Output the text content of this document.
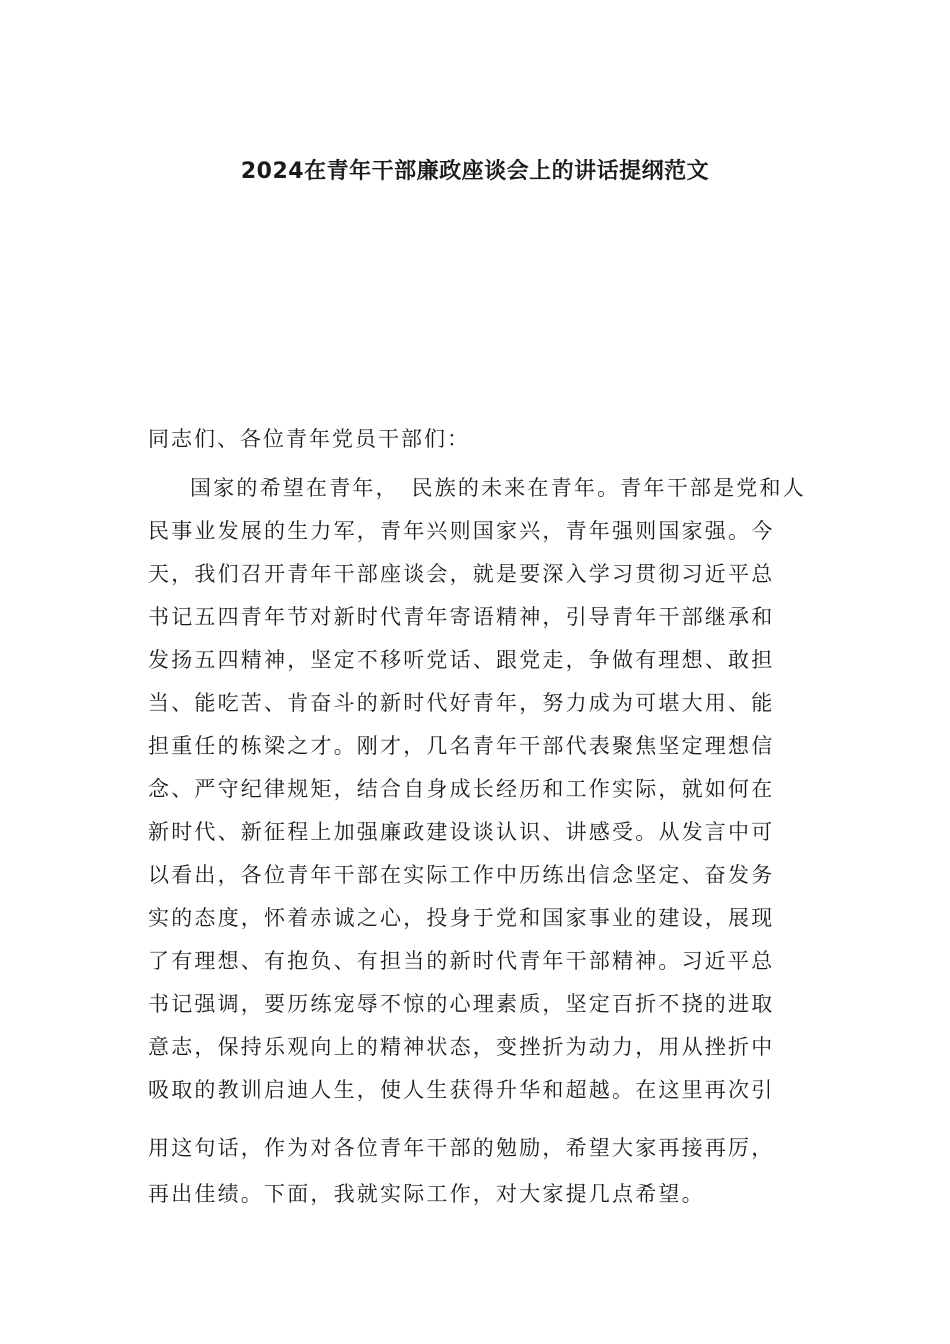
2024在青年干部廉政座谈会上的讲话提纲范文

同志们、各位青年党员干部们：

国家的希望在青年，　民族的未来在青年。青年干部是党和人

民事业发展的生力军，青年兴则国家兴，青年强则国家强。今

天，我们召开青年干部座谈会，就是要深入学习贯彻习近平总

书记五四青年节对新时代青年寄语精神，引导青年干部继承和

发扬五四精神，坚定不移听党话、跟党走，争做有理想、敢担

当、能吃苦、肯奋斗的新时代好青年，努力成为可堪大用、能

担重任的栋梁之才。刚才，几名青年干部代表聚焦坚定理想信

念、严守纪律规矩，结合自身成长经历和工作实际，就如何在

新时代、新征程上加强廉政建设谈认识、讲感受。从发言中可

以看出，各位青年干部在实际工作中历练出信念坚定、奋发务

实的态度，怀着赤诚之心，投身于党和国家事业的建设，展现

了有理想、有抱负、有担当的新时代青年干部精神。习近平总

书记强调，要历练宠辱不惊的心理素质，坚定百折不挠的进取

意志，保持乐观向上的精神状态，变挫折为动力，用从挫折中

吸取的教训启迪人生，使人生获得升华和超越。在这里再次引

用这句话，作为对各位青年干部的勉励，希望大家再接再厉，

再出佳绩。下面，我就实际工作，对大家提几点希望。
